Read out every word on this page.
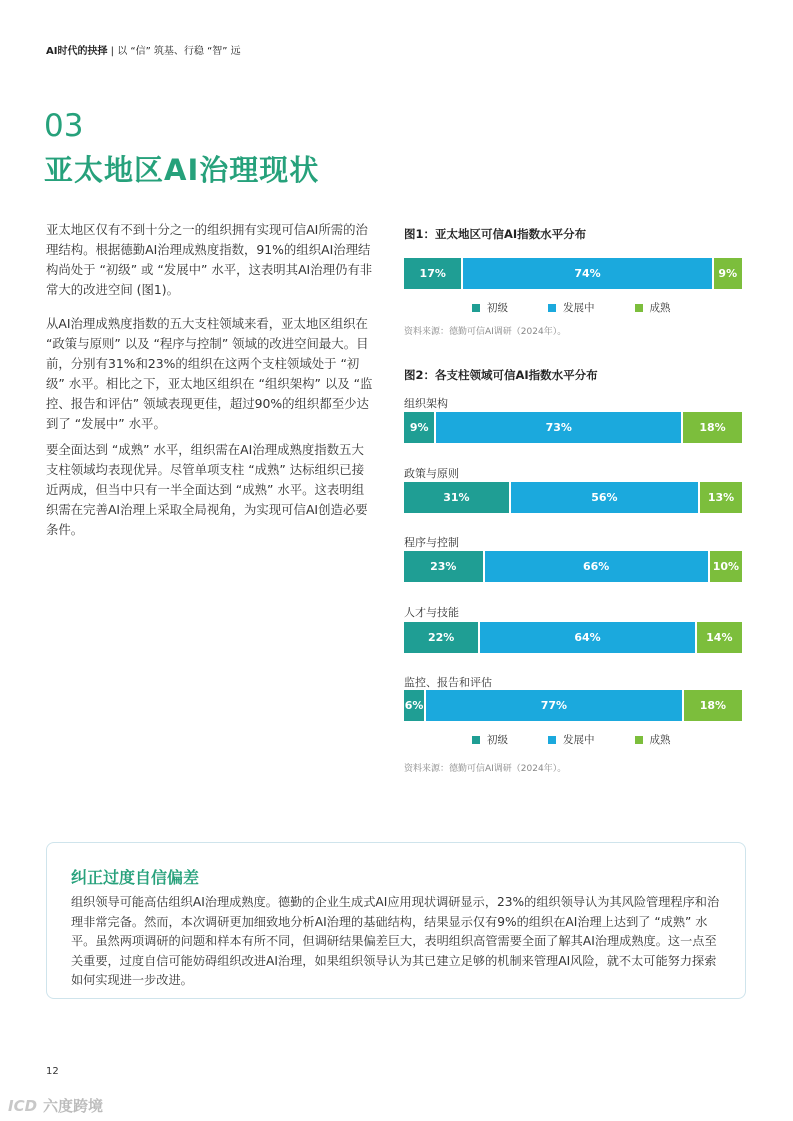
AI时代的抉择 | 以 “信” 筑基、行稳 “智” 远
03
亚太地区AI治理现状
亚太地区仅有不到十分之一的组织拥有实现可信AI所需的治理结构。根据德勤AI治理成熟度指数，91%的组织AI治理结构尚处于 “初级” 或 “发展中” 水平，这表明其AI治理仍有非常大的改进空间 (图1)。
从AI治理成熟度指数的五大支柱领域来看，亚太地区组织在 “政策与原则” 以及 “程序与控制” 领域的改进空间最大。目前，分别有31%和23%的组织在这两个支柱领域处于 “初级” 水平。相比之下，亚太地区组织在 “组织架构” 以及 “监控、报告和评估” 领域表现更佳，超过90%的组织都至少达到了 “发展中” 水平。
要全面达到 “成熟” 水平，组织需在AI治理成熟度指数五大支柱领域均表现优异。尽管单项支柱 “成熟” 达标组织已接近两成，但当中只有一半全面达到 “成熟” 水平。这表明组织需在完善AI治理上采取全局视角，为实现可信AI创造必要条件。
图1：亚太地区可信AI指数水平分布
17%	74%	9%
初级	发展中	成熟
资料来源：德勤可信AI调研（2024年）。
图2：各支柱领域可信AI指数水平分布
组织架构
9%	73%	18%
政策与原则
31%	56%	13%
程序与控制
23%	66%	10%
人才与技能
22%	64%	14%
监控、报告和评估
6%	77%	18%
初级	发展中	成熟
资料来源：德勤可信AI调研（2024年）。
纠正过度自信偏差
组织领导可能高估组织AI治理成熟度。德勤的企业生成式AI应用现状调研显示，23%的组织领导认为其风险管理程序和治理非常完备。然而，本次调研更加细致地分析AI治理的基础结构，结果显示仅有9%的组织在AI治理上达到了 “成熟” 水平。虽然两项调研的问题和样本有所不同，但调研结果偏差巨大，表明组织高管需要全面了解其AI治理成熟度。这一点至关重要，过度自信可能妨碍组织改进AI治理，如果组织领导认为其已建立足够的机制来管理AI风险，就不太可能努力探索如何实现进一步改进。
12
ICD 六度跨境
